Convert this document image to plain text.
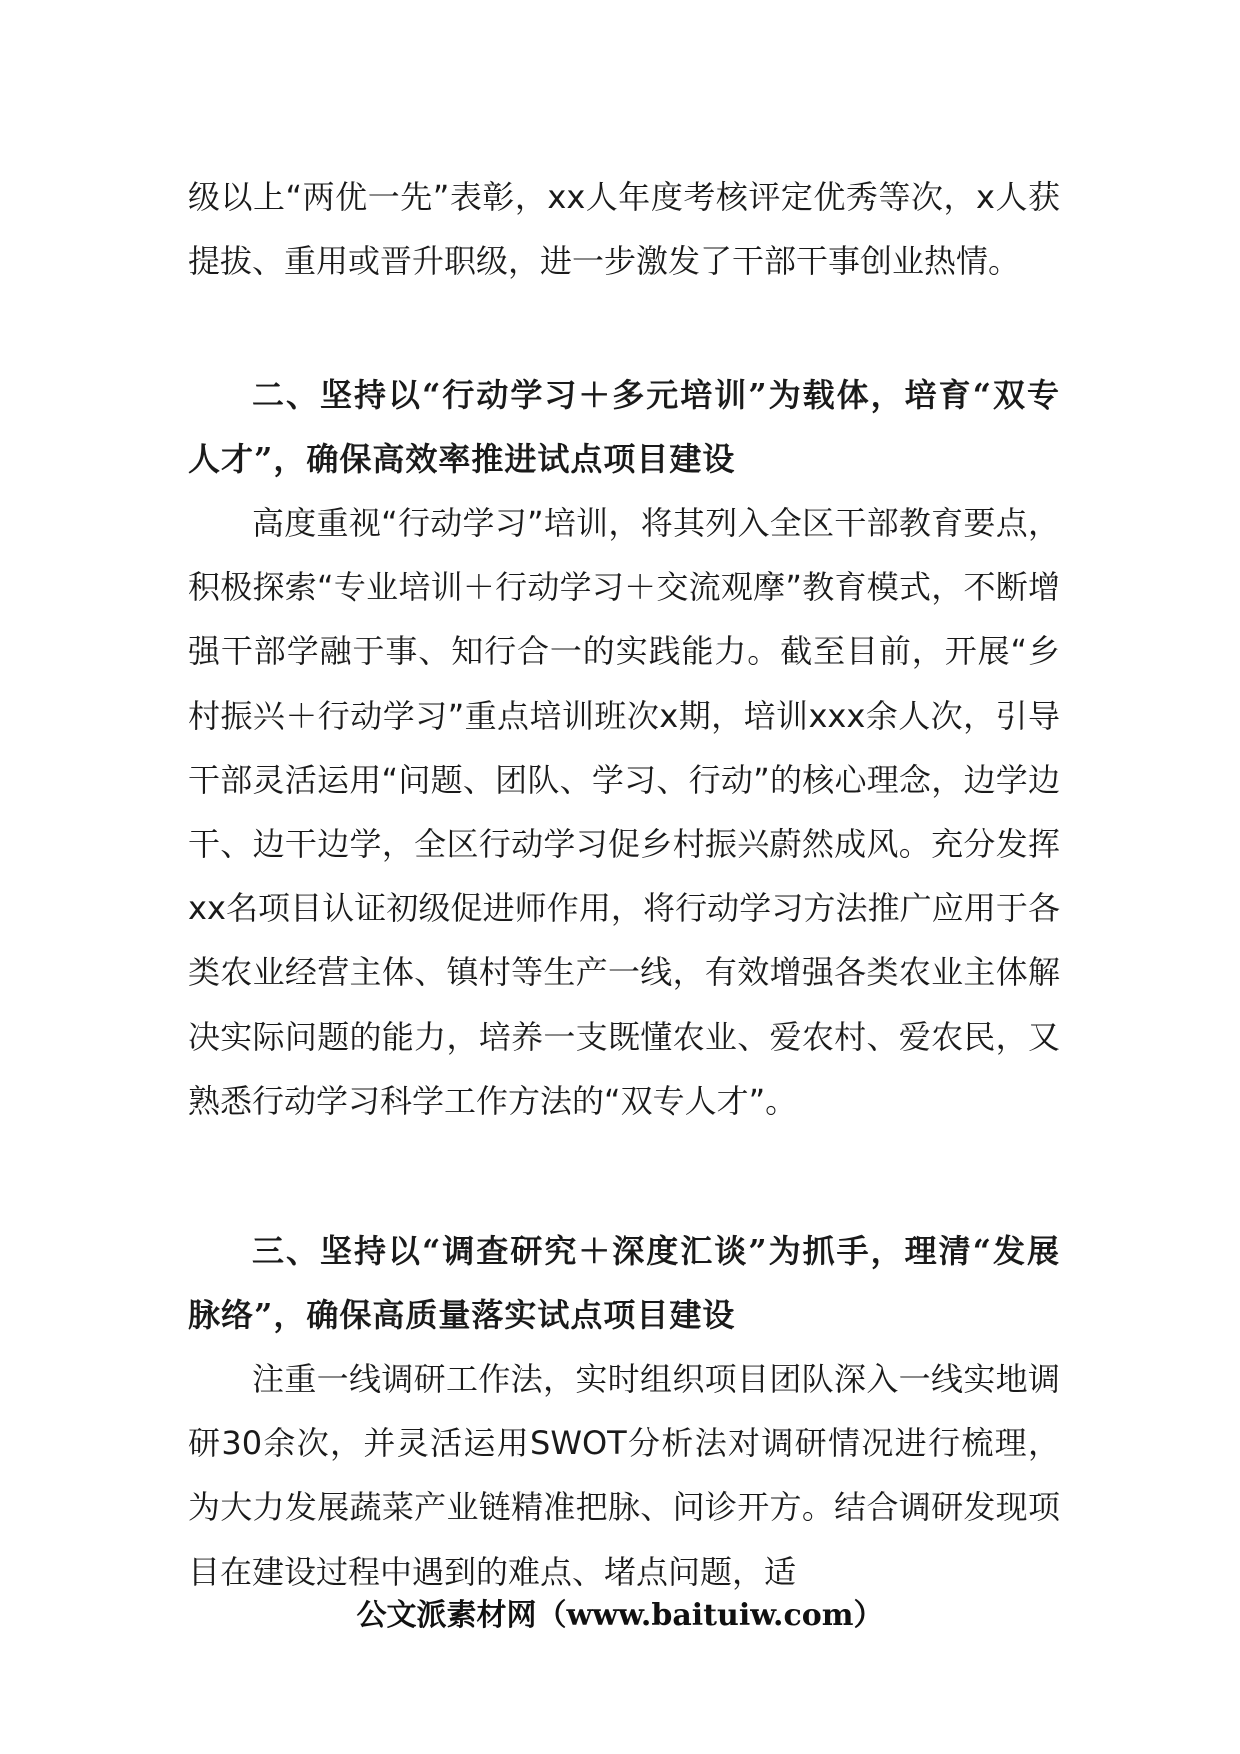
级以上“两优一先”表彰，xx人年度考核评定优秀等次，x人获提拔、重用或晋升职级，进一步激发了干部干事创业热情。

二、坚持以“行动学习＋多元培训”为载体，培育“双专人才”，确保高效率推进试点项目建设

高度重视“行动学习”培训，将其列入全区干部教育要点，积极探索“专业培训＋行动学习＋交流观摩”教育模式，不断增强干部学融于事、知行合一的实践能力。截至目前，开展“乡村振兴＋行动学习”重点培训班次x期，培训xxx余人次，引导干部灵活运用“问题、团队、学习、行动”的核心理念，边学边干、边干边学，全区行动学习促乡村振兴蔚然成风。充分发挥xx名项目认证初级促进师作用，将行动学习方法推广应用于各类农业经营主体、镇村等生产一线，有效增强各类农业主体解决实际问题的能力，培养一支既懂农业、爱农村、爱农民，又熟悉行动学习科学工作方法的“双专人才”。

三、坚持以“调查研究＋深度汇谈”为抓手，理清“发展脉络”，确保高质量落实试点项目建设

注重一线调研工作法，实时组织项目团队深入一线实地调研30余次，并灵活运用SWOT分析法对调研情况进行梳理，为大力发展蔬菜产业链精准把脉、问诊开方。结合调研发现项目在建设过程中遇到的难点、堵点问题，适

公文派素材网（www.baituiw.com）
